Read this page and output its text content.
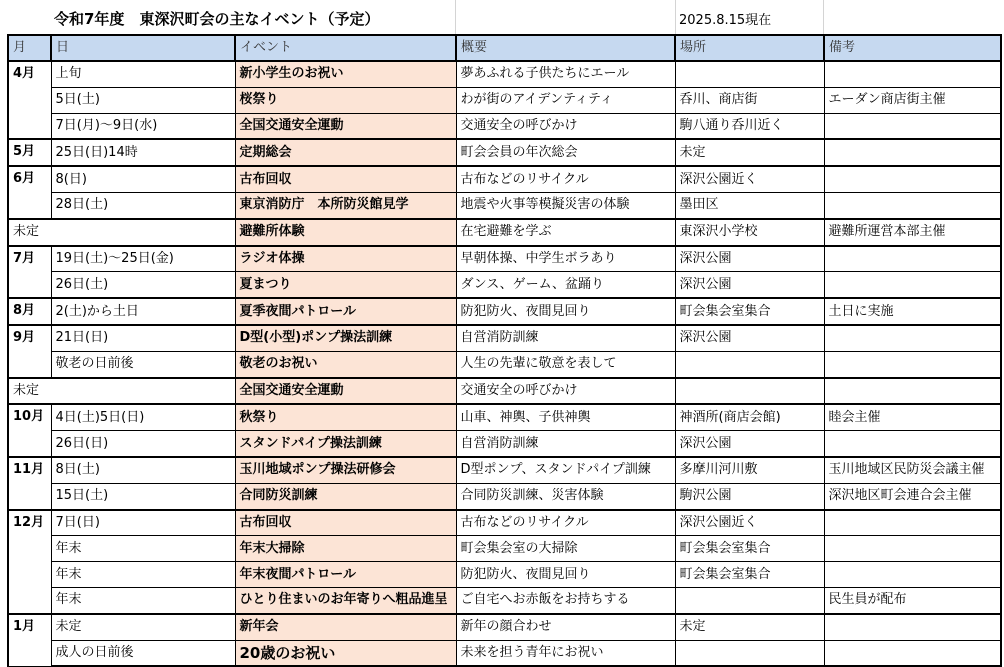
令和7年度　東深沢町会の主なイベント（予定）	2025.8.15現在
月	日	イベント	概要	場所	備考
4月	上旬	新小学生のお祝い	夢あふれる子供たちにエール		
	5日(土)	桜祭り	わが街のアイデンティティ	呑川、商店街	エーダン商店街主催
	7日(月)～9日(水)	全国交通安全運動	交通安全の呼びかけ	駒八通り呑川近く	
5月	25日(日)14時	定期総会	町会会員の年次総会	未定	
6月	8(日)	古布回収	古布などのリサイクル	深沢公園近く	
	28日(土)	東京消防庁　本所防災館見学	地震や火事等模擬災害の体験	墨田区	
未定		避難所体験	在宅避難を学ぶ	東深沢小学校	避難所運営本部主催
7月	19日(土)～25日(金)	ラジオ体操	早朝体操、中学生ボラあり	深沢公園	
	26日(土)	夏まつり	ダンス、ゲーム、盆踊り	深沢公園	
8月	2(土)から土日	夏季夜間パトロール	防犯防火、夜間見回り	町会集会室集合	土日に実施
9月	21日(日)	D型(小型)ポンプ操法訓練	自営消防訓練	深沢公園	
	敬老の日前後	敬老のお祝い	人生の先輩に敬意を表して		
未定		全国交通安全運動	交通安全の呼びかけ		
10月	4日(土)5日(日)	秋祭り	山車、神輿、子供神輿	神酒所(商店会館)	睦会主催
	26日(日)	スタンドパイプ操法訓練	自営消防訓練	深沢公園	
11月	8日(土)	玉川地域ポンプ操法研修会	D型ポンプ、スタンドパイプ訓練	多摩川河川敷	玉川地域区民防災会議主催
	15日(土)	合同防災訓練	合同防災訓練、災害体験	駒沢公園	深沢地区町会連合会主催
12月	7日(日)	古布回収	古布などのリサイクル	深沢公園近く	
	年末	年末大掃除	町会集会室の大掃除	町会集会室集合	
	年末	年末夜間パトロール	防犯防火、夜間見回り	町会集会室集合	
	年末	ひとり住まいのお年寄りへ粗品進呈	ご自宅へお赤飯をお持ちする		民生員が配布
1月	未定	新年会	新年の顔合わせ	未定	
	成人の日前後	20歳のお祝い	未来を担う青年にお祝い		
